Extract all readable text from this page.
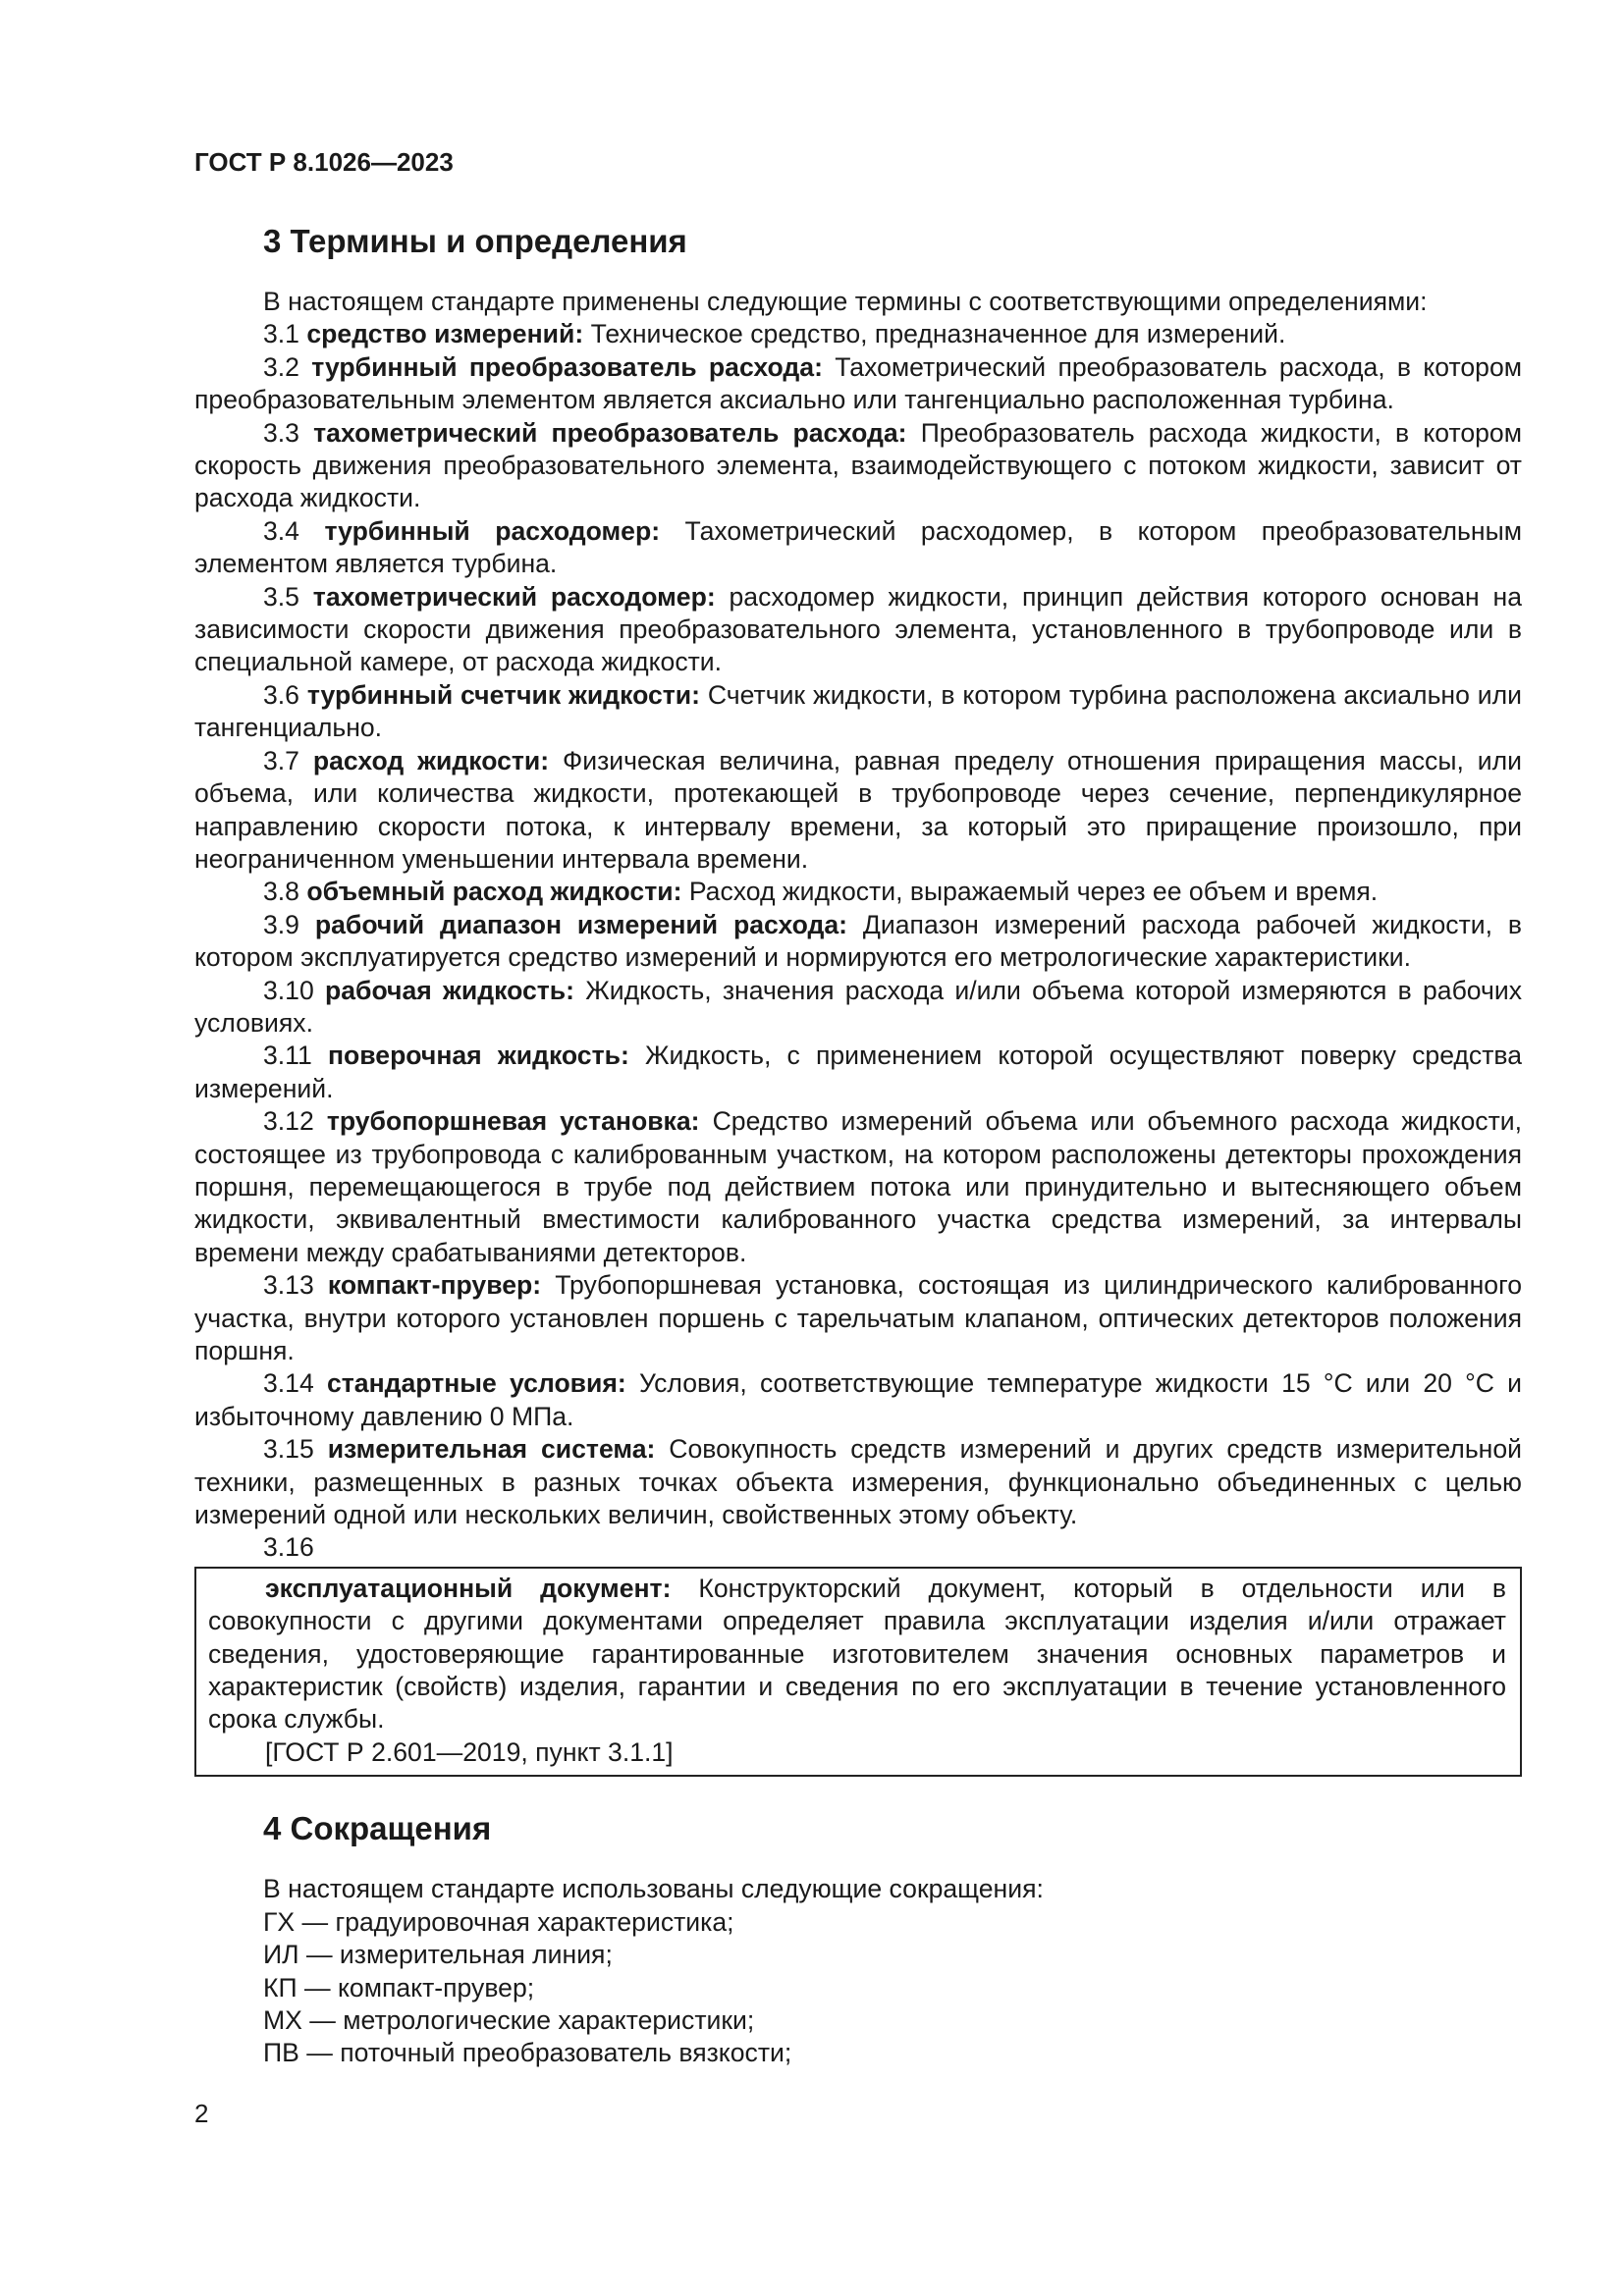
ГОСТ Р 8.1026—2023
3 Термины и определения

В настоящем стандарте применены следующие термины с соответствующими определениями:

3.1 средство измерений: Техническое средство, предназначенное для измерений.

3.2 турбинный преобразователь расхода: Тахометрический преобразователь расхода, в котором преобразовательным элементом является аксиально или тангенциально расположенная турбина.

3.3 тахометрический преобразователь расхода: Преобразователь расхода жидкости, в котором скорость движения преобразовательного элемента, взаимодействующего с потоком жидкости, зависит от расхода жидкости.

3.4 турбинный расходомер: Тахометрический расходомер, в котором преобразовательным элементом является турбина.

3.5 тахометрический расходомер: расходомер жидкости, принцип действия которого основан на зависимости скорости движения преобразовательного элемента, установленного в трубопроводе или в специальной камере, от расхода жидкости.

3.6 турбинный счетчик жидкости: Счетчик жидкости, в котором турбина расположена аксиально или тангенциально.

3.7 расход жидкости: Физическая величина, равная пределу отношения приращения массы, или объема, или количества жидкости, протекающей в трубопроводе через сечение, перпендикулярное направлению скорости потока, к интервалу времени, за который это приращение произошло, при неограниченном уменьшении интервала времени.

3.8 объемный расход жидкости: Расход жидкости, выражаемый через ее объем и время.

3.9 рабочий диапазон измерений расхода: Диапазон измерений расхода рабочей жидкости, в котором эксплуатируется средство измерений и нормируются его метрологические характеристики.

3.10 рабочая жидкость: Жидкость, значения расхода и/или объема которой измеряются в рабочих условиях.

3.11 поверочная жидкость: Жидкость, с применением которой осуществляют поверку средства измерений.

3.12 трубопоршневая установка: Средство измерений объема или объемного расхода жидкости, состоящее из трубопровода с калиброванным участком, на котором расположены детекторы прохождения поршня, перемещающегося в трубе под действием потока или принудительно и вытесняющего объем жидкости, эквивалентный вместимости калиброванного участка средства измерений, за интервалы времени между срабатываниями детекторов.

3.13 компакт-прувер: Трубопоршневая установка, состоящая из цилиндрического калиброванного участка, внутри которого установлен поршень с тарельчатым клапаном, оптических детекторов положения поршня.

3.14 стандартные условия: Условия, соответствующие температуре жидкости 15 °С или 20 °С и избыточному давлению 0 МПа.

3.15 измерительная система: Совокупность средств измерений и других средств измерительной техники, размещенных в разных точках объекта измерения, функционально объединенных с целью измерений одной или нескольких величин, свойственных этому объекту.

3.16

эксплуатационный документ: Конструкторский документ, который в отдельности или в совокупности с другими документами определяет правила эксплуатации изделия и/или отражает сведения, удостоверяющие гарантированные изготовителем значения основных параметров и характеристик (свойств) изделия, гарантии и сведения по его эксплуатации в течение установленного срока службы.

[ГОСТ Р 2.601—2019, пункт 3.1.1]

4 Сокращения
В настоящем стандарте использованы следующие сокращения:
ГХ — градуировочная характеристика;
ИЛ — измерительная линия;
КП — компакт-прувер;
МХ — метрологические характеристики;
ПВ — поточный преобразователь вязкости;
2
